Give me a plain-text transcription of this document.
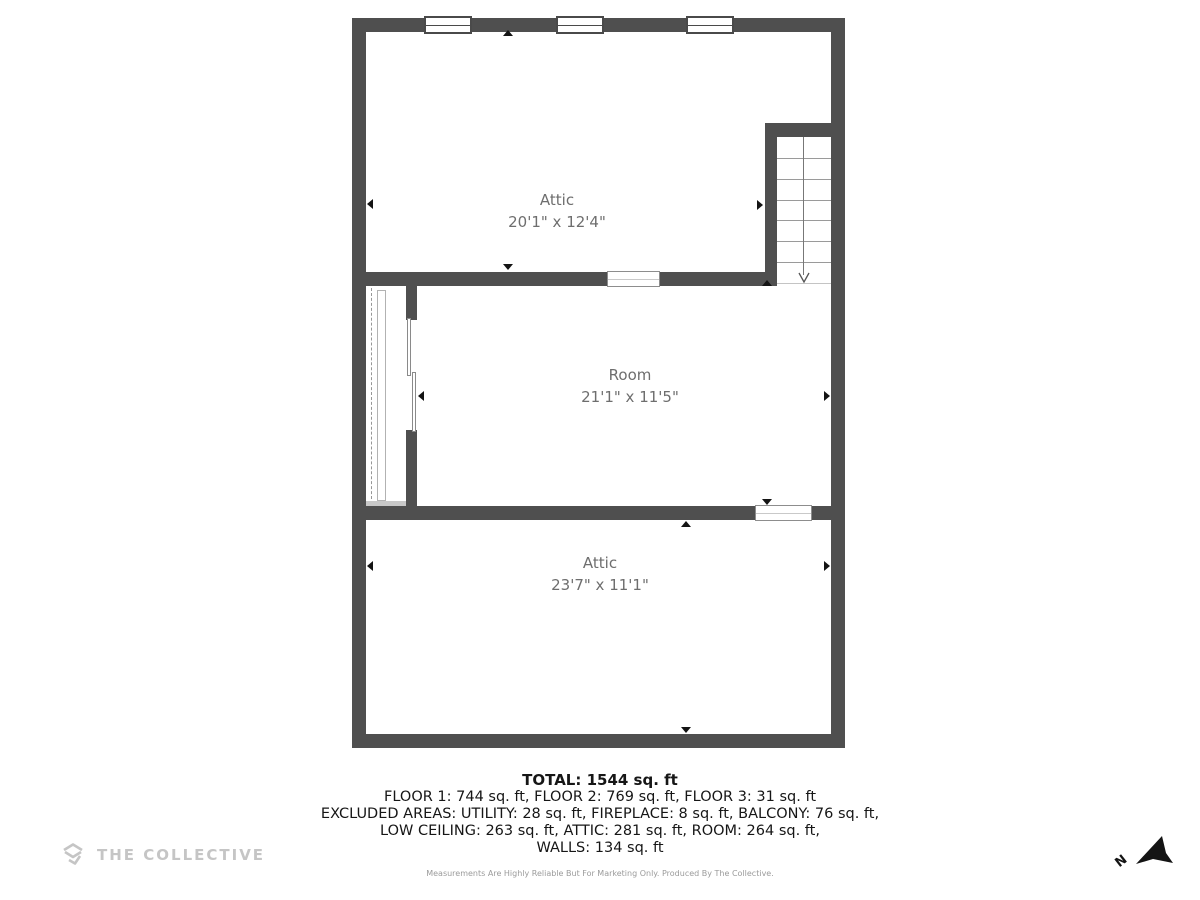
Attic
20'1" x 12'4"
Room
21'1" x 11'5"
Attic
23'7" x 11'1"
TOTAL: 1544 sq. ft
FLOOR 1: 744 sq. ft, FLOOR 2: 769 sq. ft, FLOOR 3: 31 sq. ft
EXCLUDED AREAS: UTILITY: 28 sq. ft, FIREPLACE: 8 sq. ft, BALCONY: 76 sq. ft,
LOW CEILING: 263 sq. ft, ATTIC: 281 sq. ft, ROOM: 264 sq. ft,
WALLS: 134 sq. ft
Measurements Are Highly Reliable But For Marketing Only. Produced By The Collective.
THE COLLECTIVE	N
